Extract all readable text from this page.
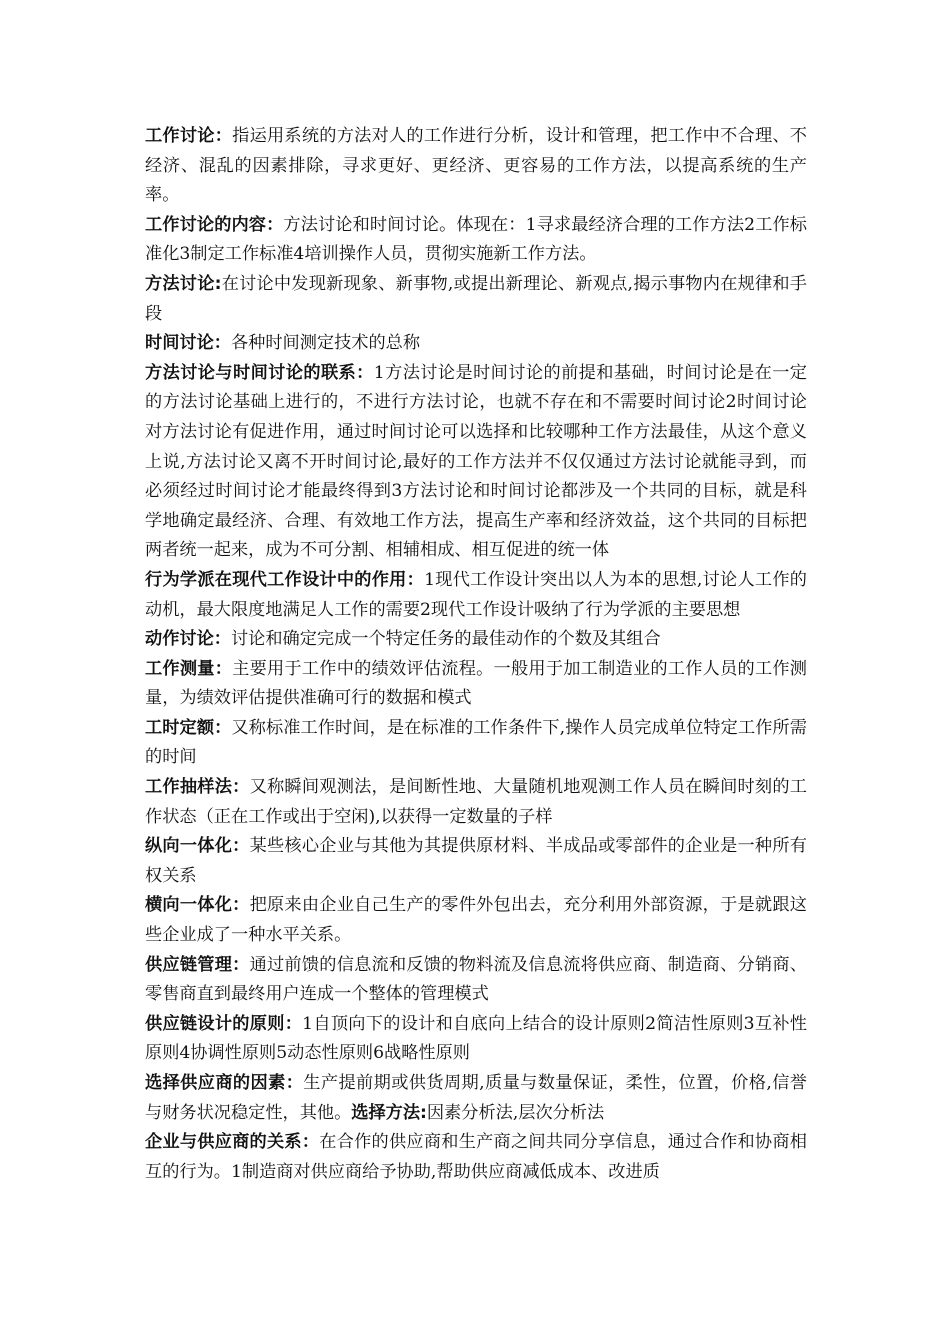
工作讨论：指运用系统的方法对人的工作进行分析，设计和管理，把工作中不合理、不经济、混乱的因素排除，寻求更好、更经济、更容易的工作方法，以提高系统的生产率。

工作讨论的内容：方法讨论和时间讨论。体现在：1寻求最经济合理的工作方法2工作标准化3制定工作标准4培训操作人员，贯彻实施新工作方法。

方法讨论:在讨论中发现新现象、新事物,或提出新理论、新观点,揭示事物内在规律和手段

时间讨论：各种时间测定技术的总称

方法讨论与时间讨论的联系：1方法讨论是时间讨论的前提和基础，时间讨论是在一定的方法讨论基础上进行的，不进行方法讨论，也就不存在和不需要时间讨论2时间讨论对方法讨论有促进作用，通过时间讨论可以选择和比较哪种工作方法最佳，从这个意义上说,方法讨论又离不开时间讨论,最好的工作方法并不仅仅通过方法讨论就能寻到，而必须经过时间讨论才能最终得到3方法讨论和时间讨论都涉及一个共同的目标，就是科学地确定最经济、合理、有效地工作方法，提高生产率和经济效益，这个共同的目标把两者统一起来，成为不可分割、相辅相成、相互促进的统一体

行为学派在现代工作设计中的作用：1现代工作设计突出以人为本的思想,讨论人工作的动机，最大限度地满足人工作的需要2现代工作设计吸纳了行为学派的主要思想

动作讨论：讨论和确定完成一个特定任务的最佳动作的个数及其组合

工作测量：主要用于工作中的绩效评估流程。一般用于加工制造业的工作人员的工作测量，为绩效评估提供准确可行的数据和模式

工时定额：又称标准工作时间，是在标准的工作条件下,操作人员完成单位特定工作所需的时间

工作抽样法：又称瞬间观测法，是间断性地、大量随机地观测工作人员在瞬间时刻的工作状态（正在工作或出于空闲),以获得一定数量的子样

纵向一体化：某些核心企业与其他为其提供原材料、半成品或零部件的企业是一种所有权关系

横向一体化：把原来由企业自己生产的零件外包出去，充分利用外部资源，于是就跟这些企业成了一种水平关系。

供应链管理：通过前馈的信息流和反馈的物料流及信息流将供应商、制造商、分销商、零售商直到最终用户连成一个整体的管理模式

供应链设计的原则：1自顶向下的设计和自底向上结合的设计原则2简洁性原则3互补性原则4协调性原则5动态性原则6战略性原则

选择供应商的因素：生产提前期或供货周期,质量与数量保证，柔性，位置，价格,信誉与财务状况稳定性，其他。选择方法:因素分析法,层次分析法

企业与供应商的关系：在合作的供应商和生产商之间共同分享信息，通过合作和协商相互的行为。1制造商对供应商给予协助,帮助供应商减低成本、改进质
